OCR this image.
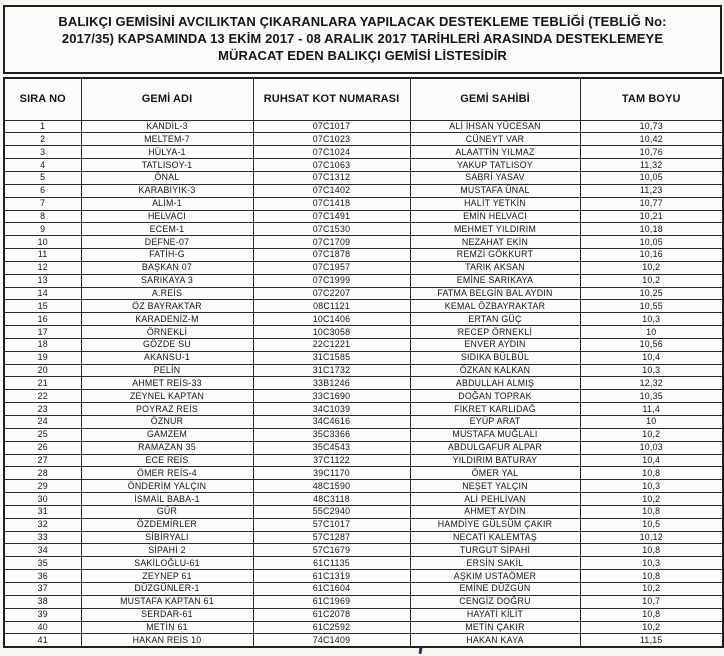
BALIKÇI GEMİSİNİ AVCILIKTAN ÇIKARANLARA YAPILACAK DESTEKLEME TEBLİĞİ (TEBLİĞ No:
2017/35) KAPSAMINDA 13 EKİM 2017 - 08 ARALIK 2017 TARİHLERİ ARASINDA DESTEKLEMEYE
MÜRACAT EDEN BALIKÇI GEMİSİ LİSTESİDİR
SIRA NO	GEMİ ADI	RUHSAT KOT NUMARASI	GEMİ SAHİBİ	TAM BOYU
1	KANDİL-3	07C1017	ALİ İHSAN YÜCESAN	10,73
2	MELTEM-7	07C1023	CÜNEYT VAR	10,42
3	HÜLYA-1	07C1024	ALAATTİN YILMAZ	10,76
4	TATLISOY-1	07C1063	YAKUP TATLISOY	11,32
5	ÖNAL	07C1312	SABRİ YASAV	10,05
6	KARABIYIK-3	07C1402	MUSTAFA ÜNAL	11,23
7	ALİM-1	07C1418	HALİT YETKİN	10,77
8	HELVACI	07C1491	EMİN HELVACI	10,21
9	ECEM-1	07C1530	MEHMET YILDIRIM	10,18
10	DEFNE-07	07C1709	NEZAHAT EKİN	10,05
11	FATİH-G	07C1878	REMZİ GÖKKURT	10,16
12	BAŞKAN 07	07C1957	TARIK AKSAN	10,2
13	SARIKAYA 3	07C1999	EMİNE SARIKAYA	10,2
14	A.REİS	07C2207	FATMA BELGİN BAL AYDIN	10,25
15	ÖZ BAYRAKTAR	08C1121	KEMAL ÖZBAYRAKTAR	10,55
16	KARADENİZ-M	10C1406	ERTAN GÜÇ	10,3
17	ÖRNEKLİ	10C3058	RECEP ÖRNEKLİ	10
18	GÖZDE SU	22C1221	ENVER AYDIN	10,56
19	AKANSU-1	31C1585	SIDIKA BÜLBÜL	10,4
20	PELİN	31C1732	ÖZKAN KALKAN	10,3
21	AHMET REİS-33	33B1246	ABDULLAH ALMIŞ	12,32
22	ZEYNEL KAPTAN	33C1690	DOĞAN TOPRAK	10,35
23	POYRAZ REİS	34C1039	FİKRET KARLIDAĞ	11,4
24	ÖZNUR	34C4616	EYÜP ARAT	10
25	GAMZEM	35C3366	MUSTAFA MUĞLALI	10,2
26	RAMAZAN 35	35C4543	ABDULGAFUR ALPAR	10,03
27	ECE REİS	37C1122	YILDIRIM BATURAY	10,4
28	ÖMER REİS-4	39C1170	ÖMER YAL	10,8
29	ÖNDERİM YALÇIN	48C1590	NEŞET YALÇIN	10,3
30	İSMAİL BABA-1	48C3118	ALİ PEHLİVAN	10,2
31	GÜR	55C2940	AHMET AYDIN	10,8
32	ÖZDEMİRLER	57C1017	HAMDİYE GÜLSÜM ÇAKIR	10,5
33	SİBİRYALI	57C1287	NECATİ KALEMTAŞ	10,12
34	SİPAHİ 2	57C1679	TURGUT SİPAHİ	10,8
35	SAKİLOĞLU-61	61C1135	ERSİN SAKİL	10,3
36	ZEYNEP 61	61C1319	AŞKIM USTAÖMER	10,8
37	DÜZGÜNLER-1	61C1604	EMİNE DÜZGÜN	10,2
38	MUSTAFA KAPTAN 61	61C1969	CENGİZ DOĞRU	10,7
39	SERDAR-61	61C2078	HAYATİ KİLİT	10,8
40	METİN 61	61C2592	METİN ÇAKIR	10,2
41	HAKAN REİS 10	74C1409	HAKAN KAYA	11,15
